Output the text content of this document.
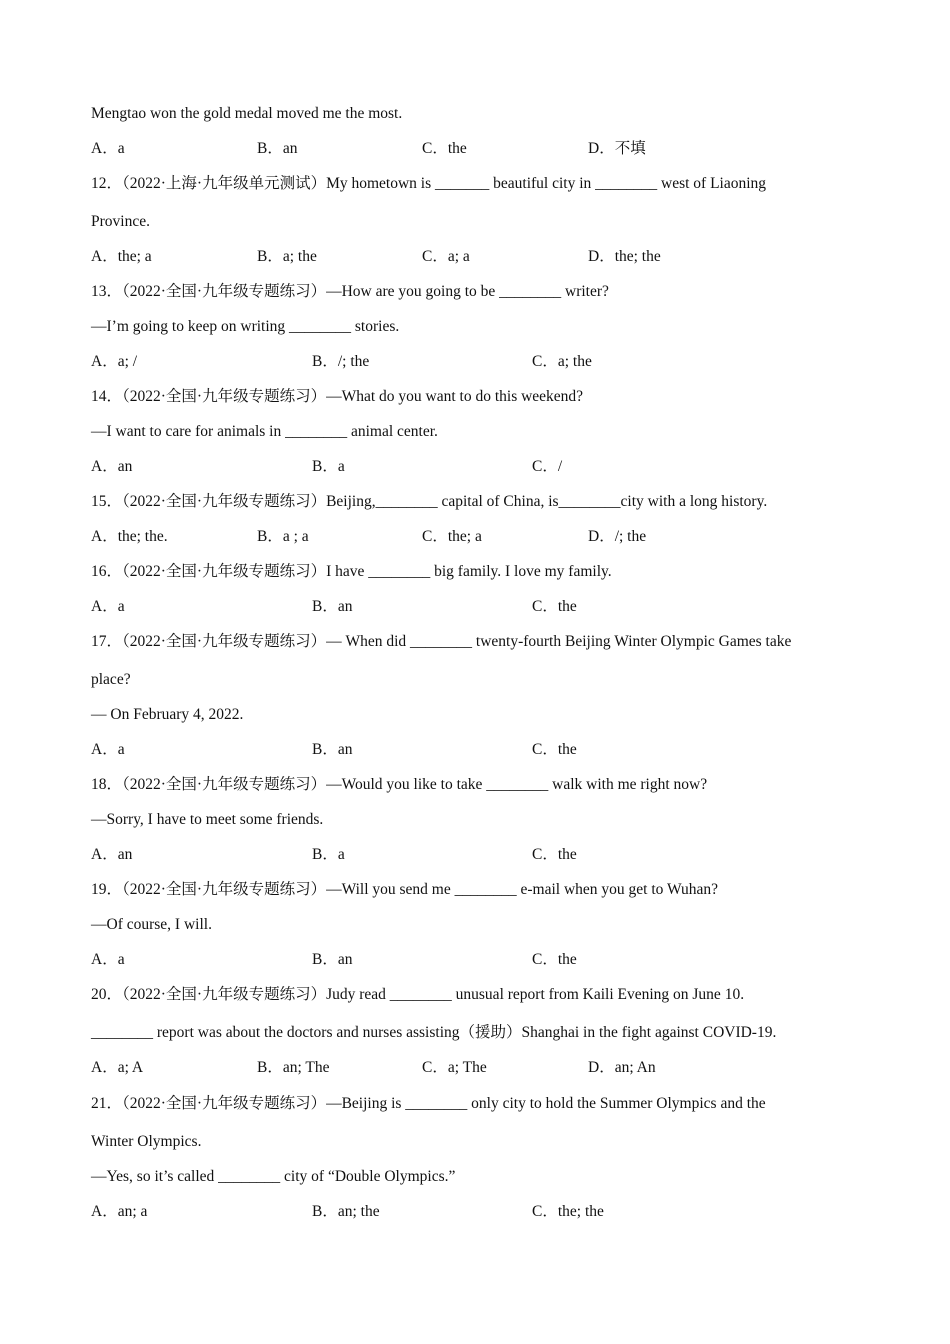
Mengtao won the gold medal moved me the most.
A．a	B．an	C．the	D．不填
12．（2022·上海·九年级单元测试）My hometown is _______ beautiful city in ________ west of Liaoning
Province.
A．the; a	B．a; the	C．a; a	D．the; the
13．（2022·全国·九年级专题练习）—How are you going to be ________ writer?
—I’m going to keep on writing ________ stories.
A．a; /	B．/; the	C．a; the
14．（2022·全国·九年级专题练习）—What do you want to do this weekend?
—I want to care for animals in ________ animal center.
A．an	B．a	C．/
15．（2022·全国·九年级专题练习）Beijing,________ capital of China, is________city with a long history.
A．the; the.	B．a ; a	C．the; a	D．/; the
16．（2022·全国·九年级专题练习）I have ________ big family. I love my family.
A．a	B．an	C．the
17．（2022·全国·九年级专题练习）— When did ________ twenty-fourth Beijing Winter Olympic Games take
place?
— On February 4, 2022.
A．a	B．an	C．the
18．（2022·全国·九年级专题练习）—Would you like to take ________ walk with me right now?
—Sorry, I have to meet some friends.
A．an	B．a	C．the
19．（2022·全国·九年级专题练习）—Will you send me ________ e-mail when you get to Wuhan?
—Of course, I will.
A．a	B．an	C．the
20．（2022·全国·九年级专题练习）Judy read ________ unusual report from Kaili Evening on June 10.
________ report was about the doctors and nurses assisting（援助）Shanghai in the fight against COVID-19.
A．a; A	B．an; The	C．a; The	D．an; An
21．（2022·全国·九年级专题练习）—Beijing is ________ only city to hold the Summer Olympics and the
Winter Olympics.
—Yes, so it’s called ________ city of “Double Olympics.”
A．an; a	B．an; the	C．the; the
